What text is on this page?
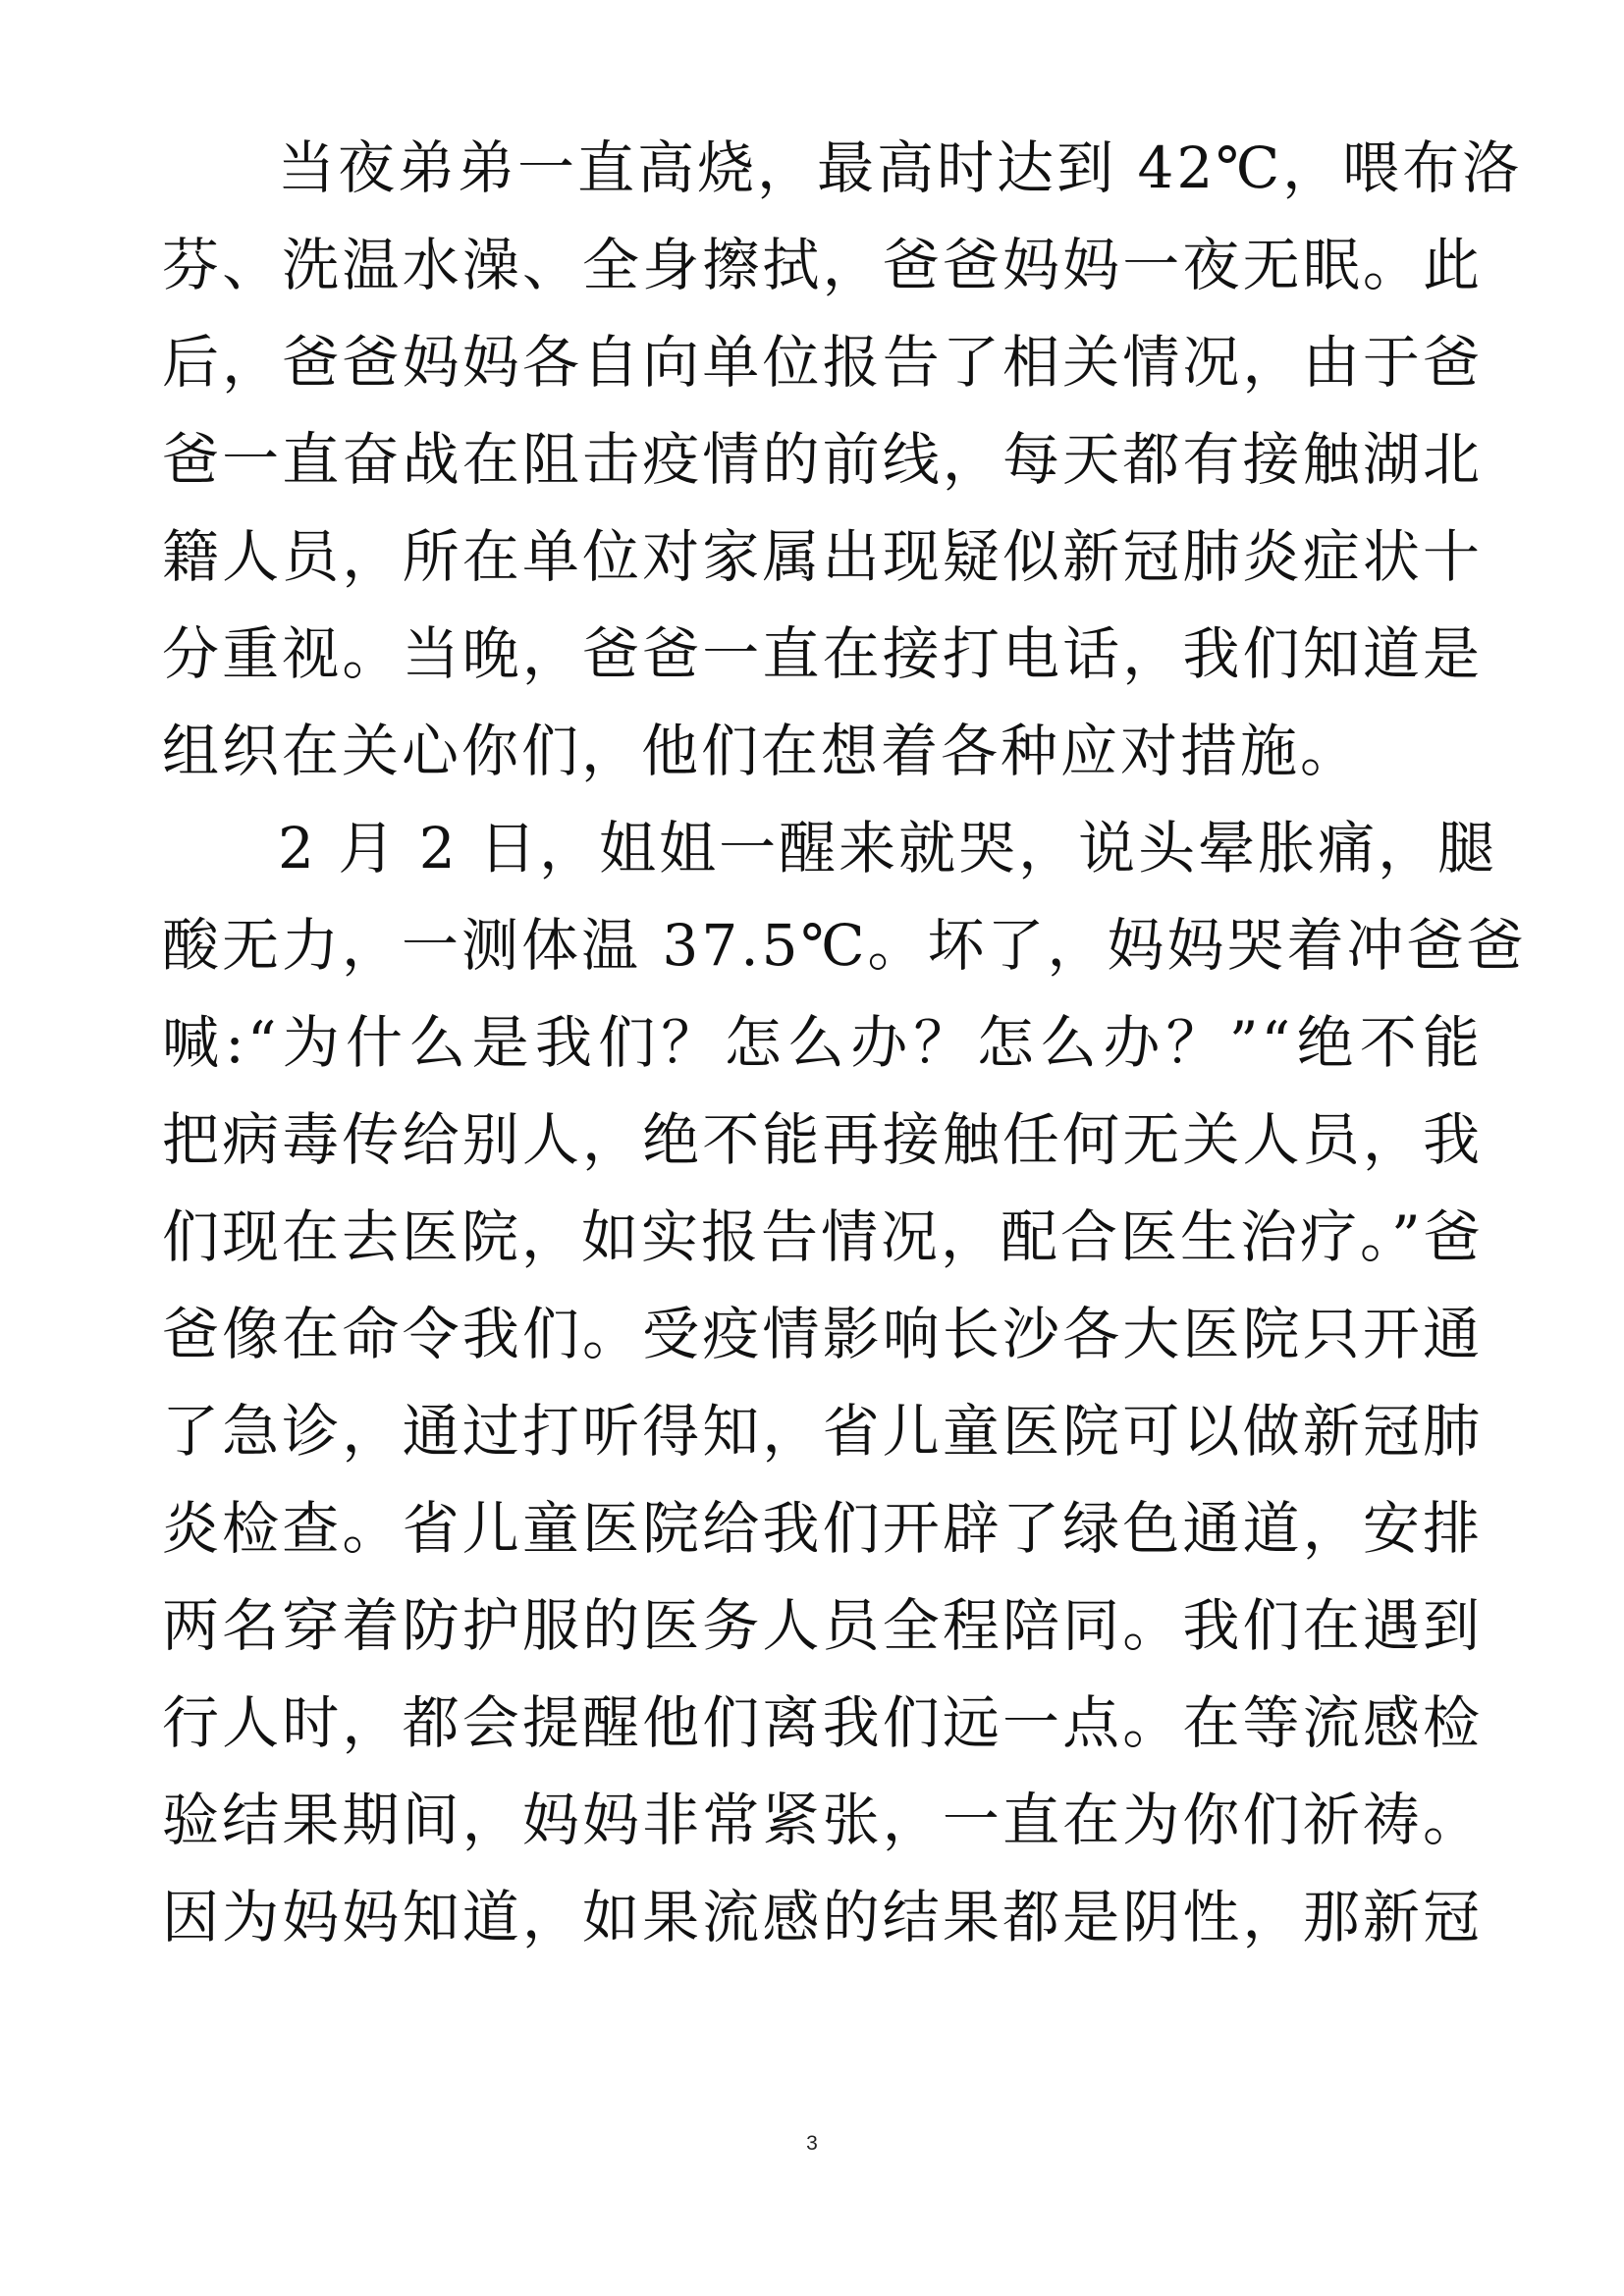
当夜弟弟一直高烧，最高时达到 42℃，喂布洛
芬、洗温水澡、全身擦拭，爸爸妈妈一夜无眠。此
后，爸爸妈妈各自向单位报告了相关情况，由于爸
爸一直奋战在阻击疫情的前线，每天都有接触湖北
籍人员，所在单位对家属出现疑似新冠肺炎症状十
分重视。当晚，爸爸一直在接打电话，我们知道是
组织在关心你们，他们在想着各种应对措施。
2 月 2 日，姐姐一醒来就哭，说头晕胀痛，腿
酸无力，一测体温 37.5℃。坏了，妈妈哭着冲爸爸
喊:“为什么是我们？怎么办？怎么办？”“绝不能
把病毒传给别人，绝不能再接触任何无关人员，我
们现在去医院，如实报告情况，配合医生治疗。”爸
爸像在命令我们。受疫情影响长沙各大医院只开通
了急诊，通过打听得知，省儿童医院可以做新冠肺
炎检查。省儿童医院给我们开辟了绿色通道，安排
两名穿着防护服的医务人员全程陪同。我们在遇到
行人时，都会提醒他们离我们远一点。在等流感检
验结果期间，妈妈非常紧张，一直在为你们祈祷。
因为妈妈知道，如果流感的结果都是阴性，那新冠
3
